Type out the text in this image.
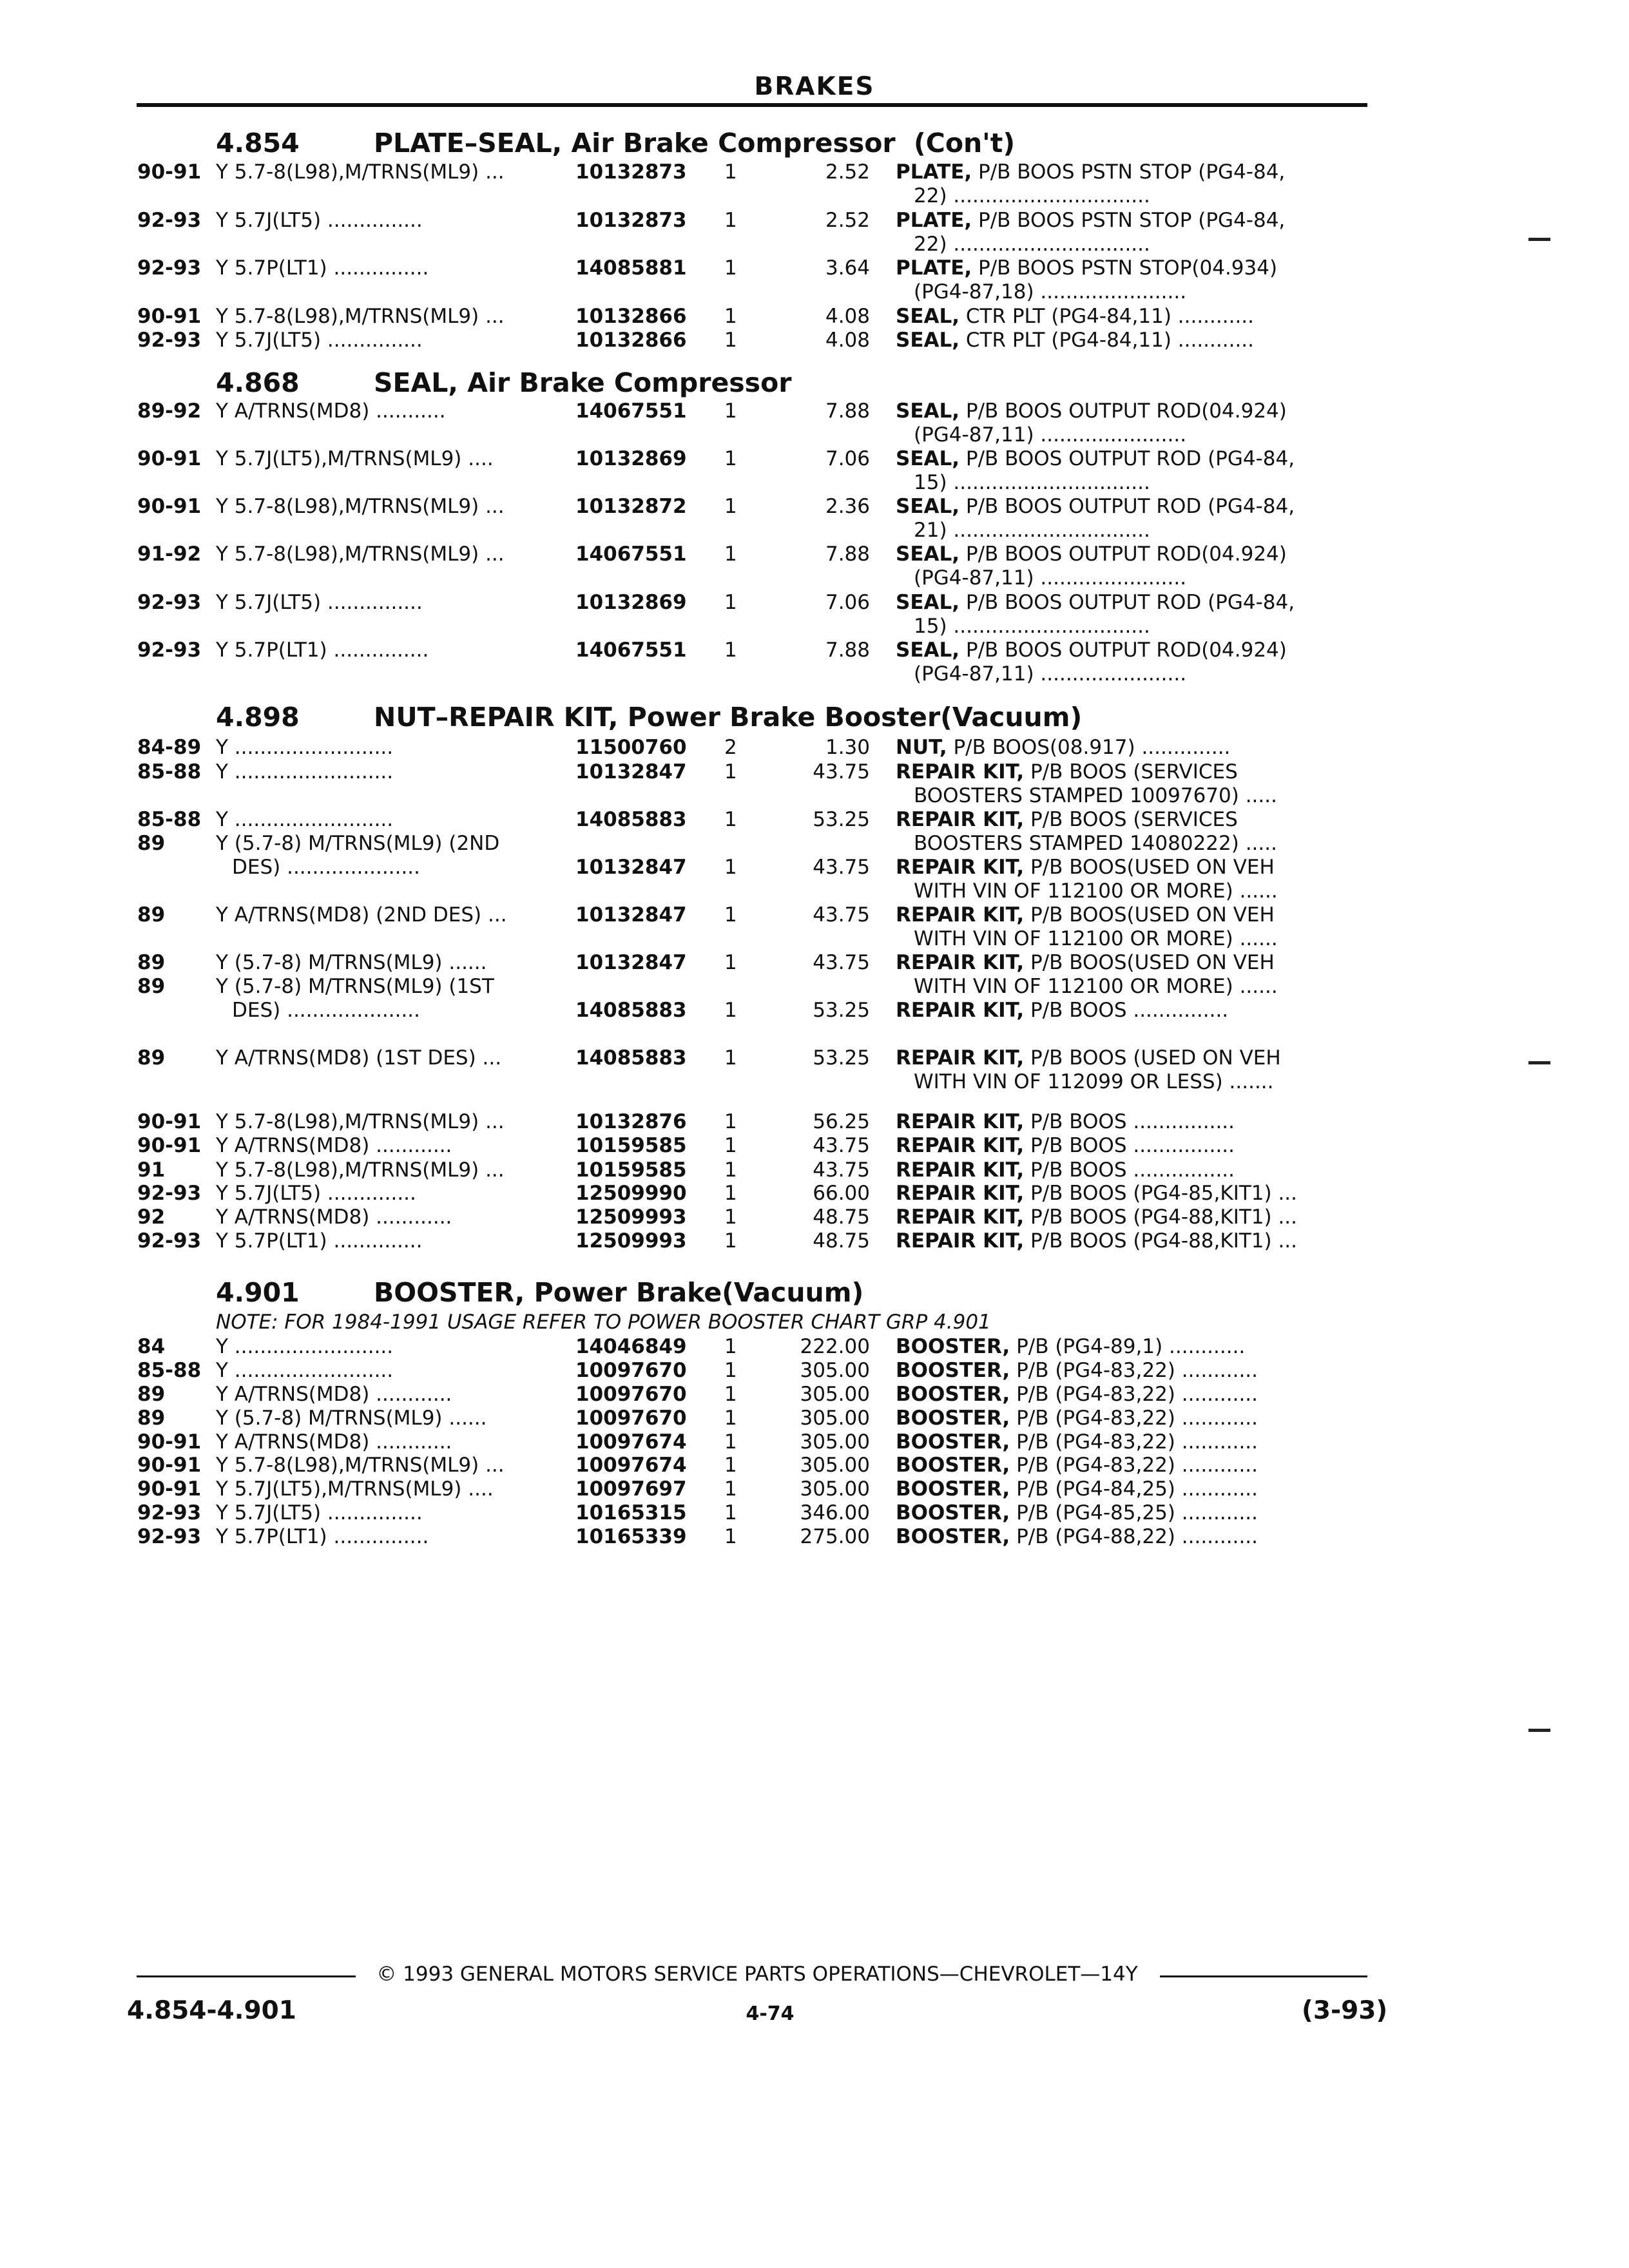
BRAKES
4.854	PLATE–SEAL, Air Brake Compressor (Con't)
90-91 Y 5.7-8(L98),M/TRNS(ML9) ...	10132873 1	2.52 PLATE, P/B BOOS PSTN STOP (PG4-84,
22) ...............................
92-93 Y 5.7J(LT5) ...............	10132873 1	2.52 PLATE, P/B BOOS PSTN STOP (PG4-84,
22) ...............................
92-93 Y 5.7P(LT1) ...............	14085881 1	3.64 PLATE, P/B BOOS PSTN STOP(04.934)
(PG4-87,18) .......................
90-91 Y 5.7-8(L98),M/TRNS(ML9) ...	10132866 1	4.08 SEAL, CTR PLT (PG4-84,11) ............
92-93 Y 5.7J(LT5) ...............	10132866 1	4.08 SEAL, CTR PLT (PG4-84,11) ............
4.868	SEAL, Air Brake Compressor
89-92 Y A/TRNS(MD8) ...........	14067551 1	7.88 SEAL, P/B BOOS OUTPUT ROD(04.924)
(PG4-87,11) .......................
90-91 Y 5.7J(LT5),M/TRNS(ML9) ....	10132869 1	7.06 SEAL, P/B BOOS OUTPUT ROD (PG4-84,
15) ...............................
90-91 Y 5.7-8(L98),M/TRNS(ML9) ...	10132872 1	2.36 SEAL, P/B BOOS OUTPUT ROD (PG4-84,
21) ...............................
91-92 Y 5.7-8(L98),M/TRNS(ML9) ...	14067551 1	7.88 SEAL, P/B BOOS OUTPUT ROD(04.924)
(PG4-87,11) .......................
92-93 Y 5.7J(LT5) ...............	10132869 1	7.06 SEAL, P/B BOOS OUTPUT ROD (PG4-84,
15) ...............................
92-93 Y 5.7P(LT1) ...............	14067551 1	7.88 SEAL, P/B BOOS OUTPUT ROD(04.924)
(PG4-87,11) .......................
4.898	NUT–REPAIR KIT, Power Brake Booster(Vacuum)
84-89 Y .........................	11500760 2	1.30 NUT, P/B BOOS(08.917) ..............
85-88 Y .........................	10132847 1	43.75 REPAIR KIT, P/B BOOS (SERVICES
BOOSTERS STAMPED 10097670) .....
85-88 Y .........................	14085883 1	53.25 REPAIR KIT, P/B BOOS (SERVICES
BOOSTERS STAMPED 14080222) .....
89	Y (5.7-8) M/TRNS(ML9) (2ND
DES) .....................	10132847 1	43.75 REPAIR KIT, P/B BOOS(USED ON VEH
WITH VIN OF 112100 OR MORE) ......
89	Y A/TRNS(MD8) (2ND DES) ...	10132847 1	43.75 REPAIR KIT, P/B BOOS(USED ON VEH
WITH VIN OF 112100 OR MORE) ......
89	Y (5.7-8) M/TRNS(ML9) ......	10132847 1	43.75 REPAIR KIT, P/B BOOS(USED ON VEH
WITH VIN OF 112100 OR MORE) ......
89	Y (5.7-8) M/TRNS(ML9) (1ST
DES) .....................	14085883 1	53.25 REPAIR KIT, P/B BOOS ...............
89	Y A/TRNS(MD8) (1ST DES) ...	14085883 1	53.25 REPAIR KIT, P/B BOOS (USED ON VEH
WITH VIN OF 112099 OR LESS) .......
90-91 Y 5.7-8(L98),M/TRNS(ML9) ...	10132876 1	56.25 REPAIR KIT, P/B BOOS ................
90-91 Y A/TRNS(MD8) ............	10159585 1	43.75 REPAIR KIT, P/B BOOS ................
91	Y 5.7-8(L98),M/TRNS(ML9) ...	10159585 1	43.75 REPAIR KIT, P/B BOOS ................
92-93 Y 5.7J(LT5) ..............	12509990 1	66.00 REPAIR KIT, P/B BOOS (PG4-85,KIT1) ...
92	Y A/TRNS(MD8) ............	12509993 1	48.75 REPAIR KIT, P/B BOOS (PG4-88,KIT1) ...
92-93 Y 5.7P(LT1) ..............	12509993 1	48.75 REPAIR KIT, P/B BOOS (PG4-88,KIT1) ...
4.901	BOOSTER, Power Brake(Vacuum)
NOTE: FOR 1984-1991 USAGE REFER TO POWER BOOSTER CHART GRP 4.901
84	Y .........................	14046849 1	222.00 BOOSTER, P/B (PG4-89,1) ............
85-88 Y .........................	10097670 1	305.00 BOOSTER, P/B (PG4-83,22) ............
89	Y A/TRNS(MD8) ............	10097670 1	305.00 BOOSTER, P/B (PG4-83,22) ............
89	Y (5.7-8) M/TRNS(ML9) ......	10097670 1	305.00 BOOSTER, P/B (PG4-83,22) ............
90-91 Y A/TRNS(MD8) ............	10097674 1	305.00 BOOSTER, P/B (PG4-83,22) ............
90-91 Y 5.7-8(L98),M/TRNS(ML9) ...	10097674 1	305.00 BOOSTER, P/B (PG4-83,22) ............
90-91 Y 5.7J(LT5),M/TRNS(ML9) ....	10097697 1	305.00 BOOSTER, P/B (PG4-84,25) ............
92-93 Y 5.7J(LT5) ...............	10165315 1	346.00 BOOSTER, P/B (PG4-85,25) ............
92-93 Y 5.7P(LT1) ...............	10165339 1	275.00 BOOSTER, P/B (PG4-88,22) ............
© 1993 GENERAL MOTORS SERVICE PARTS OPERATIONS—CHEVROLET—14Y
4.854-4.901	4-74	(3-93)
